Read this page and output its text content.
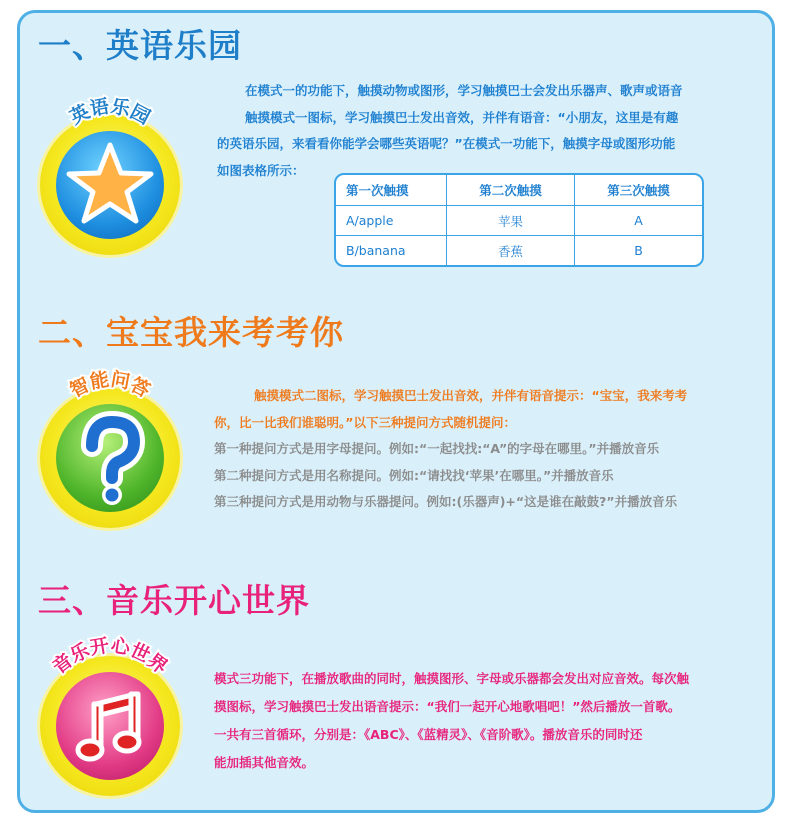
一、英语乐园
英语乐园
在模式一的功能下，触摸动物或图形，学习触摸巴士会发出乐器声、歌声或语音
触摸模式一图标，学习触摸巴士发出音效，并伴有语音：“小朋友，这里是有趣
的英语乐园，来看看你能学会哪些英语呢？”在模式一功能下，触摸字母或图形功能
如图表格所示：
第一次触摸	第二次触摸	第三次触摸
A/apple	苹果	A
B/banana	香蕉	B
二、宝宝我来考考你
智能问答	触摸模式二图标，学习触摸巴士发出音效，并伴有语音提示：“宝宝，我来考考
你，比一比我们谁聪明。”以下三种提问方式随机提问：
第一种提问方式是用字母提问。例如:“一起找找:“A”的字母在哪里。”并播放音乐
第二种提问方式是用名称提问。例如:“请找找‘苹果’在哪里。”并播放音乐
第三种提问方式是用动物与乐器提问。例如:(乐器声)+“这是谁在敲鼓?”并播放音乐
三、音乐开心世界
音乐开心世界
模式三功能下，在播放歌曲的同时，触摸图形、字母或乐器都会发出对应音效。每次触
摸图标，学习触摸巴士发出语音提示：“我们一起开心地歌唱吧！”然后播放一首歌。
一共有三首循环，分别是：《ABC》、《蓝精灵》、《音阶歌》。播放音乐的同时还
能加插其他音效。
